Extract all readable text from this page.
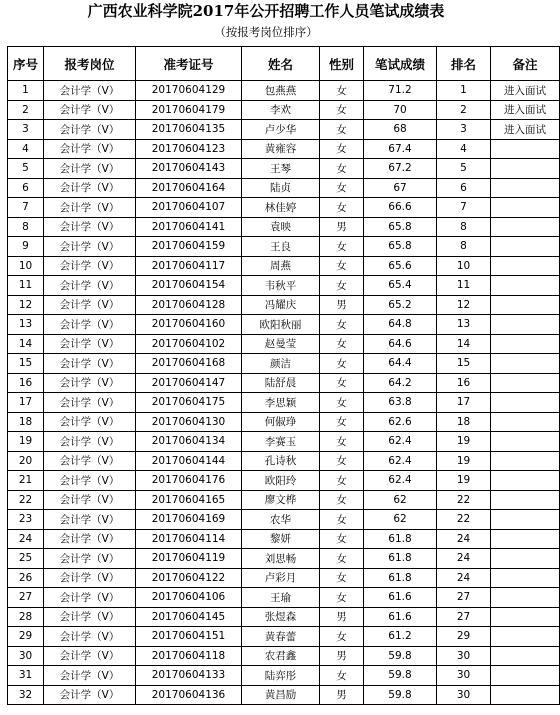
广西农业科学院2017年公开招聘工作人员笔试成绩表
（按报考岗位排序）
序号	报考岗位	准考证号	姓名	性别	笔试成绩	排名	备注
1	会计学（Ⅴ）	20170604129	包燕燕	女	71.2	1	进入面试
2	会计学（Ⅴ）	20170604179	李欢	女	70	2	进入面试
3	会计学（Ⅴ）	20170604135	卢少华	女	68	3	进入面试
4	会计学（Ⅴ）	20170604123	黄雍容	女	67.4	4	
5	会计学（Ⅴ）	20170604143	王琴	女	67.2	5	
6	会计学（Ⅴ）	20170604164	陆贞	女	67	6	
7	会计学（Ⅴ）	20170604107	林佳婷	女	66.6	7	
8	会计学（Ⅴ）	20170604141	袁映	男	65.8	8	
9	会计学（Ⅴ）	20170604159	王良	女	65.8	8	
10	会计学（Ⅴ）	20170604117	周燕	女	65.6	10	
11	会计学（Ⅴ）	20170604154	韦秋平	女	65.4	11	
12	会计学（Ⅴ）	20170604128	冯耀庆	男	65.2	12	
13	会计学（Ⅴ）	20170604160	欧阳秋丽	女	64.8	13	
14	会计学（Ⅴ）	20170604102	赵曼莹	女	64.6	14	
15	会计学（Ⅴ）	20170604168	颜洁	女	64.4	15	
16	会计学（Ⅴ）	20170604147	陆舒晨	女	64.2	16	
17	会计学（Ⅴ）	20170604175	李思颖	女	63.8	17	
18	会计学（Ⅴ）	20170604130	何俶琤	女	62.6	18	
19	会计学（Ⅴ）	20170604134	李赛玉	女	62.4	19	
20	会计学（Ⅴ）	20170604144	孔诗秋	女	62.4	19	
21	会计学（Ⅴ）	20170604176	欧阳玲	女	62.4	19	
22	会计学（Ⅴ）	20170604165	廖文桦	女	62	22	
23	会计学（Ⅴ）	20170604169	农华	女	62	22	
24	会计学（Ⅴ）	20170604114	黎妍	女	61.8	24	
25	会计学（Ⅴ）	20170604119	刘思畅	女	61.8	24	
26	会计学（Ⅴ）	20170604122	卢彩月	女	61.8	24	
27	会计学（Ⅴ）	20170604106	王瑜	女	61.6	27	
28	会计学（Ⅴ）	20170604145	张煜森	男	61.6	27	
29	会计学（Ⅴ）	20170604151	黄春蕾	女	61.2	29	
30	会计学（Ⅴ）	20170604118	农君鑫	男	59.8	30	
31	会计学（Ⅴ）	20170604133	陆弈彤	女	59.8	30	
32	会计学（Ⅴ）	20170604136	黄昌励	男	59.8	30	
